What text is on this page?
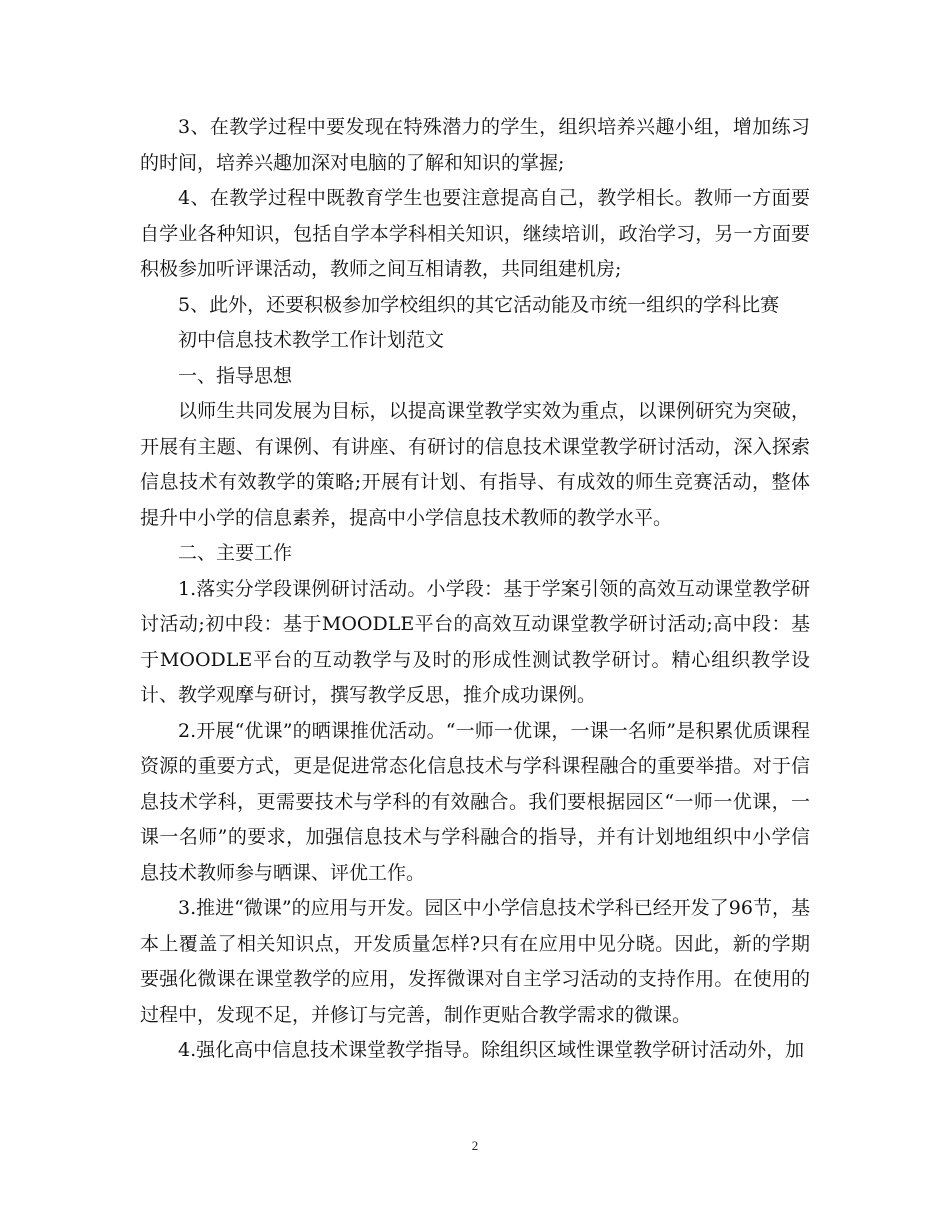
3、在教学过程中要发现在特殊潜力的学生，组织培养兴趣小组，增加练习的时间，培养兴趣加深对电脑的了解和知识的掌握;

4、在教学过程中既教育学生也要注意提高自己，教学相长。教师一方面要自学业各种知识，包括自学本学科相关知识，继续培训，政治学习，另一方面要积极参加听评课活动，教师之间互相请教，共同组建机房;

5、此外，还要积极参加学校组织的其它活动能及市统一组织的学科比赛

初中信息技术教学工作计划范文

一、指导思想

以师生共同发展为目标，以提高课堂教学实效为重点，以课例研究为突破，开展有主题、有课例、有讲座、有研讨的信息技术课堂教学研讨活动，深入探索信息技术有效教学的策略;开展有计划、有指导、有成效的师生竞赛活动，整体提升中小学的信息素养，提高中小学信息技术教师的教学水平。

二、主要工作

1.落实分学段课例研讨活动。小学段：基于学案引领的高效互动课堂教学研讨活动;初中段：基于MOODLE平台的高效互动课堂教学研讨活动;高中段：基于MOODLE平台的互动教学与及时的形成性测试教学研讨。精心组织教学设计、教学观摩与研讨，撰写教学反思，推介成功课例。

2.开展“优课”的晒课推优活动。“一师一优课，一课一名师”是积累优质课程资源的重要方式，更是促进常态化信息技术与学科课程融合的重要举措。对于信息技术学科，更需要技术与学科的有效融合。我们要根据园区“一师一优课，一课一名师”的要求，加强信息技术与学科融合的指导，并有计划地组织中小学信息技术教师参与晒课、评优工作。

3.推进“微课”的应用与开发。园区中小学信息技术学科已经开发了96节，基本上覆盖了相关知识点，开发质量怎样?只有在应用中见分晓。因此，新的学期要强化微课在课堂教学的应用，发挥微课对自主学习活动的支持作用。在使用的过程中，发现不足，并修订与完善，制作更贴合教学需求的微课。

4.强化高中信息技术课堂教学指导。除组织区域性课堂教学研讨活动外，加

2
